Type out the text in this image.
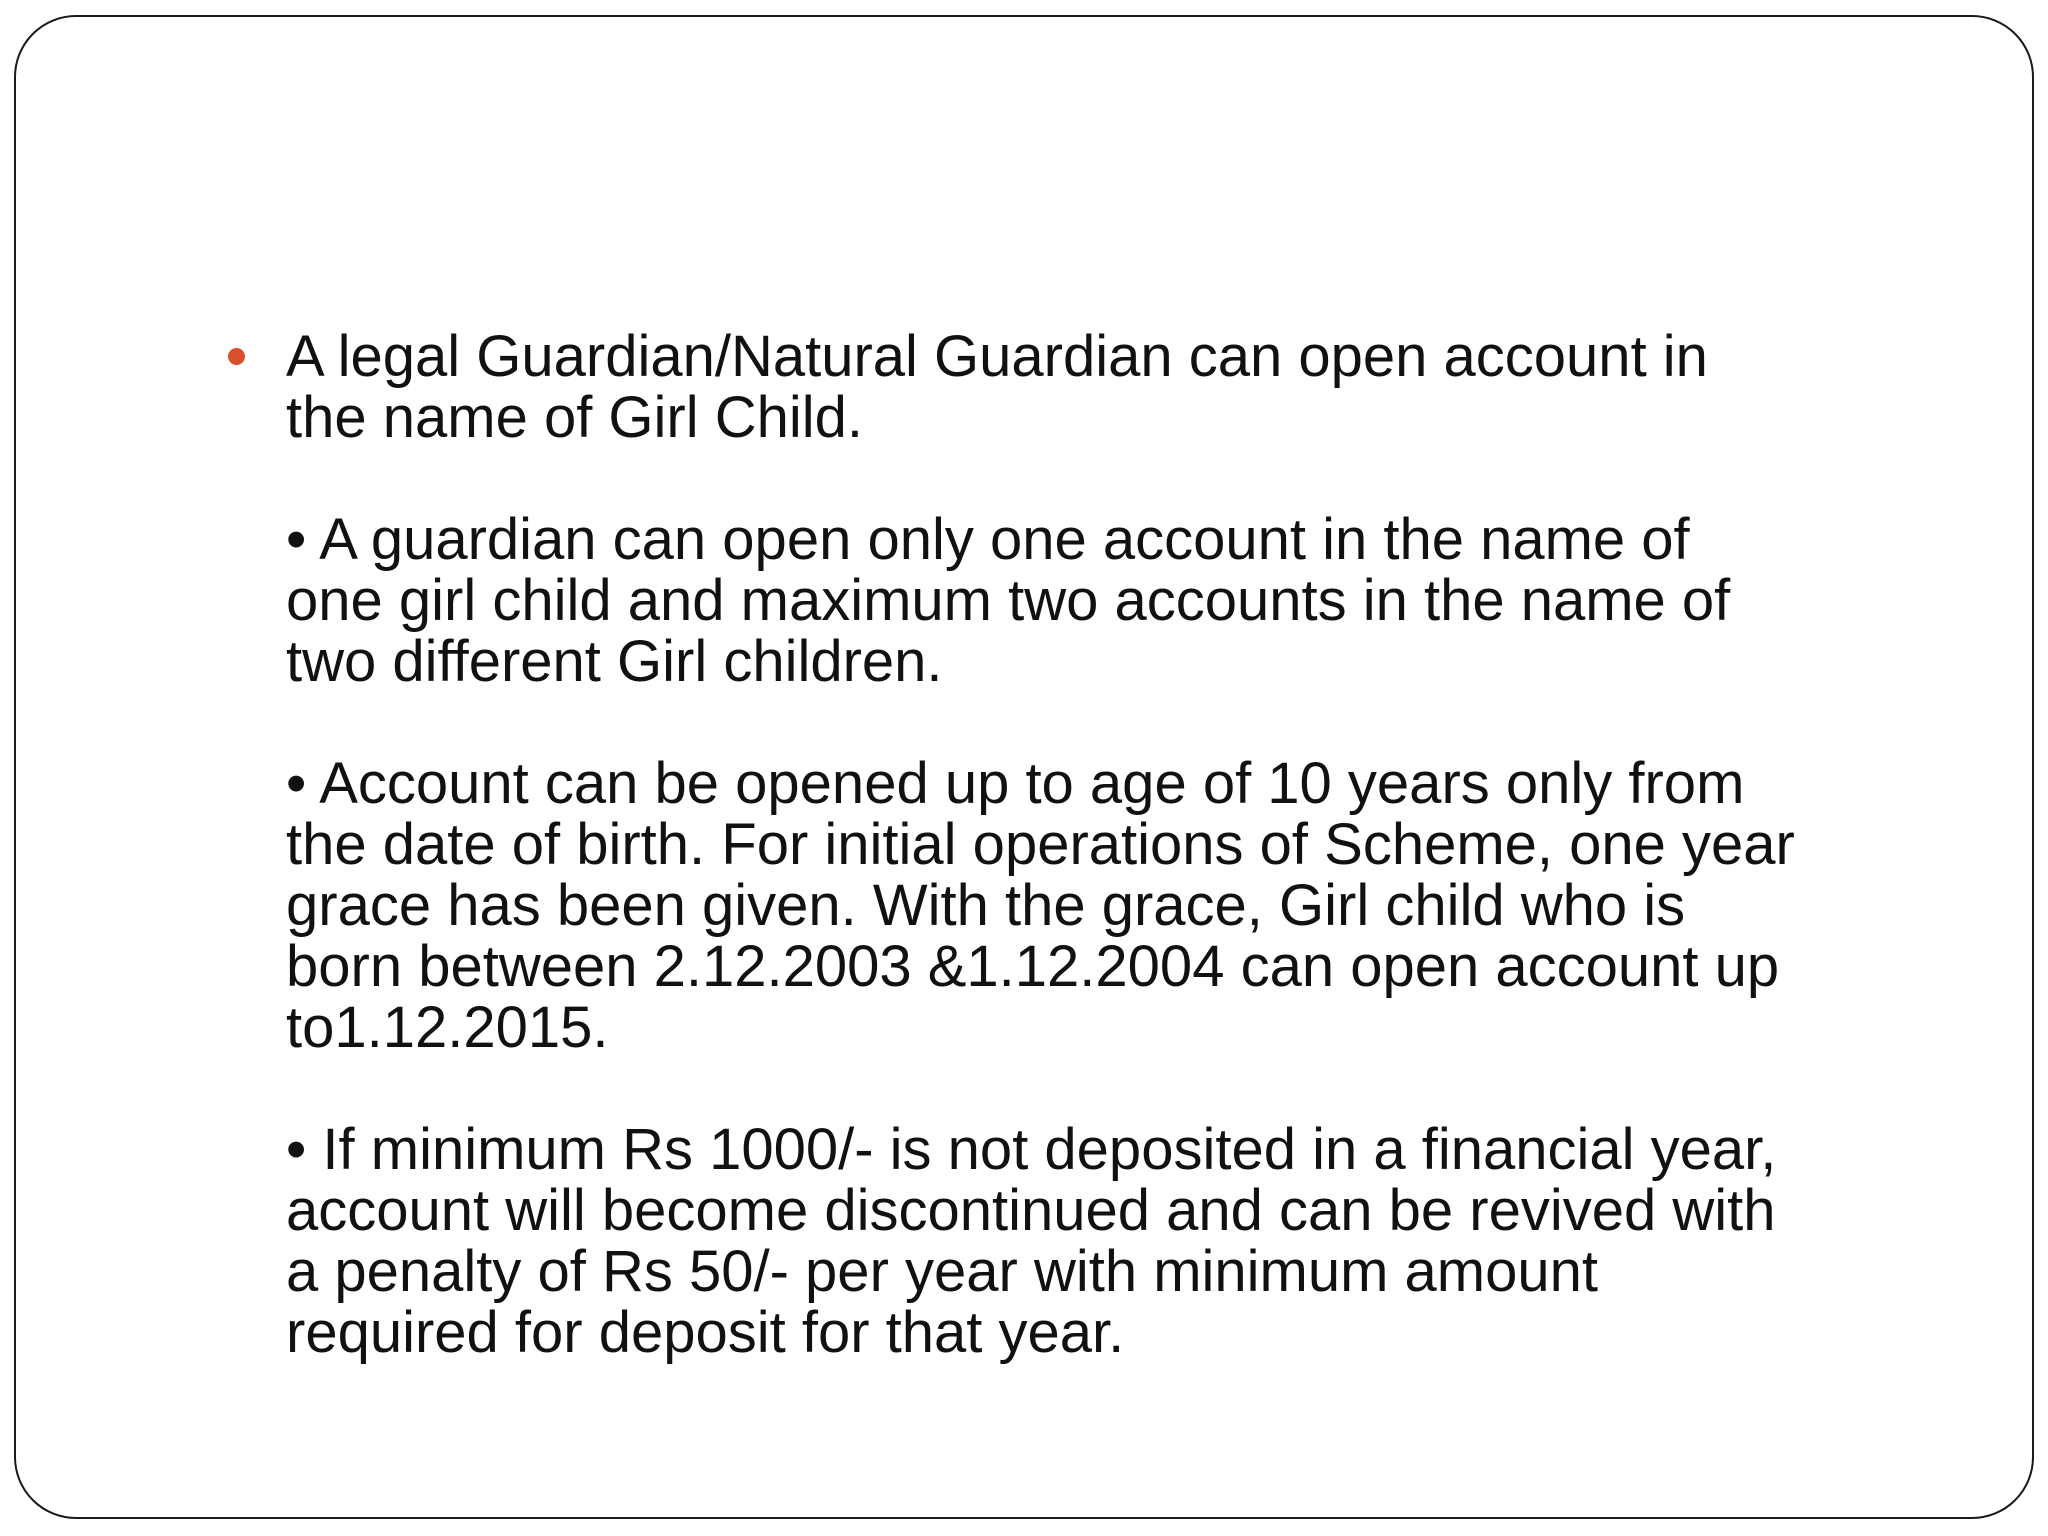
A legal Guardian/Natural Guardian can open account in
the name of Girl Child.

• A guardian can open only one account in the name of
one girl child and maximum two accounts in the name of
two different Girl children.

• Account can be opened up to age of 10 years only from
the date of birth. For initial operations of Scheme, one year
grace has been given. With the grace, Girl child who is
born between 2.12.2003 &1.12.2004 can open account up
to1.12.2015.

• If minimum Rs 1000/- is not deposited in a financial year,
account will become discontinued and can be revived with
a penalty of Rs 50/- per year with minimum amount
required for deposit for that year.
